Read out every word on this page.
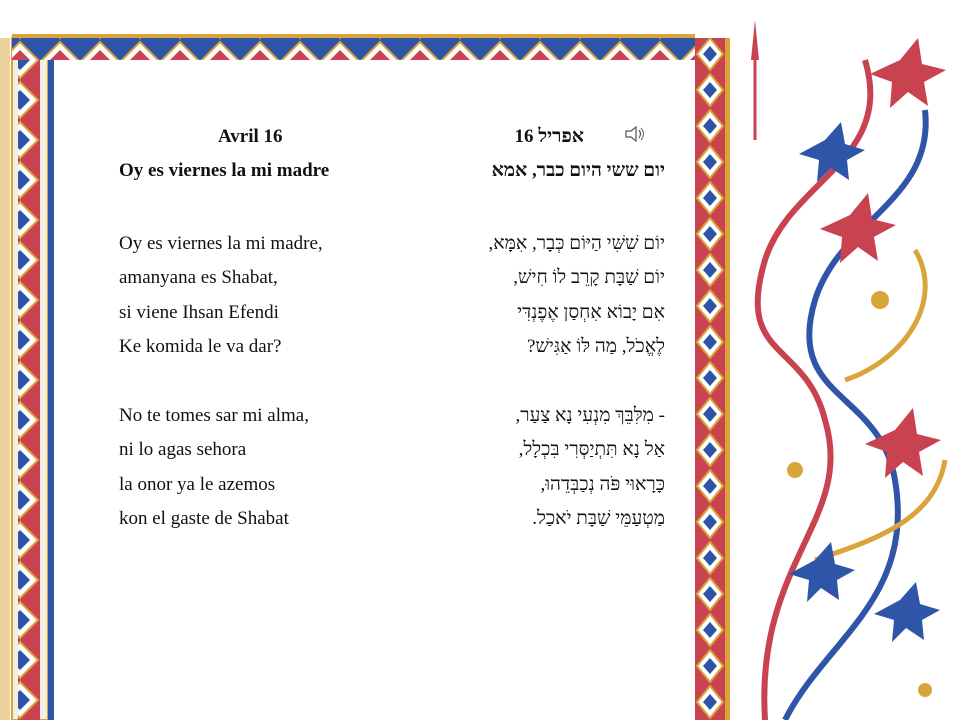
Avril 16
Oy es viernes la mi madre
Oy es viernes la mi madre,
amanyana es Shabat,
si viene Ihsan Efendi
Ke komida le va dar?
No te tomes sar mi alma,
ni lo agas sehora
la onor ya le azemos
kon el gaste de Shabat
אפריל 16
יום ששי היום כבר, אמא
יוֹם שִׁשִּׁי הַיּוֹם כְּבָר, אִמָּא,
יוֹם שַׁבָּת קָרֵב לוֹ חִישׁ,
אִם יָבוֹא אִחְסַן אֶפֶנְדִּי
לֶאֱכֹל, מַה לּוֹ אַגִּישׁ?
- מִלִּבֵּךְ מִנְעִי נָא צַעַר,
אַל נָא תִּתְיַסְּרִי בִּכְלָל,
כָּרָאוּי פֹּה נְכַבְּדֵהוּ,
מַטְעַמֵּי שַׁבָּת יֹאכַל.
